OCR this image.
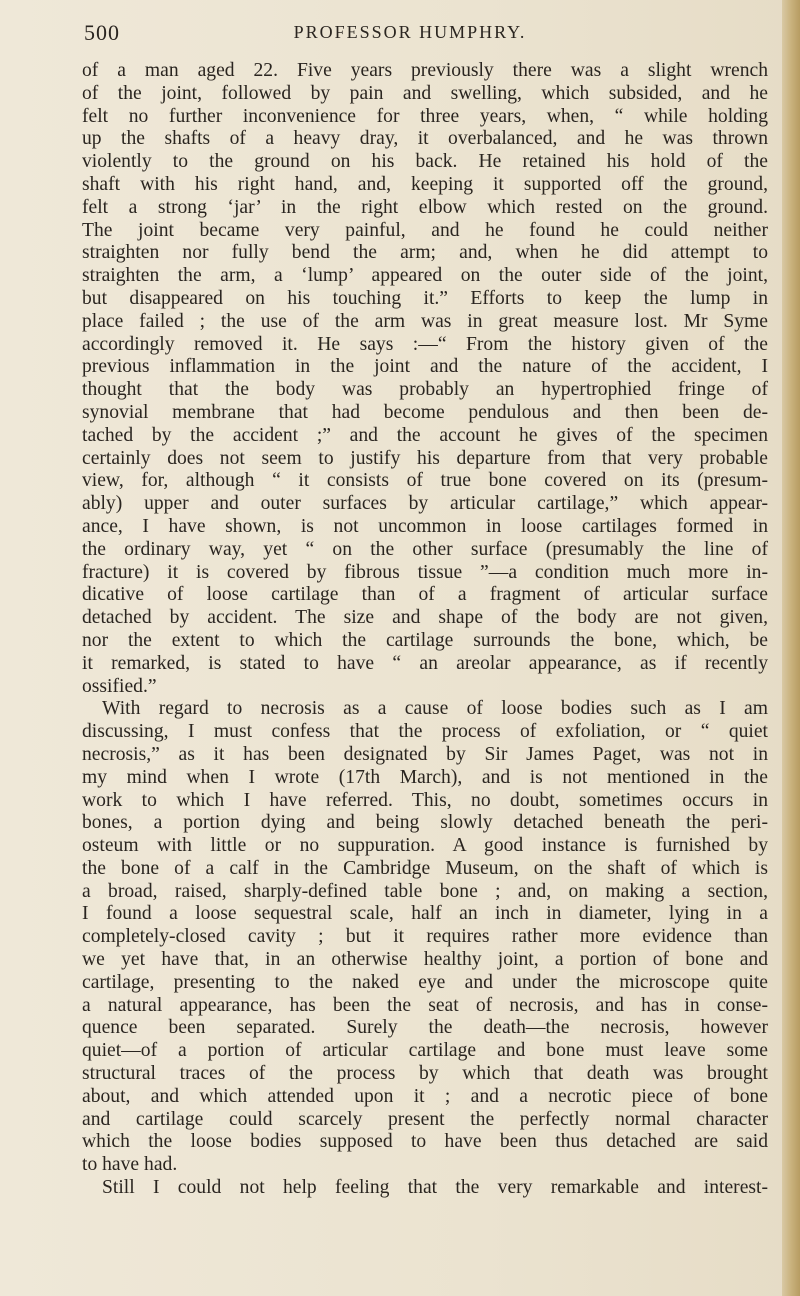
500	PROFESSOR HUMPHRY.
of a man aged 22. Five years previously there was a slight wrench
of the joint, followed by pain and swelling, which subsided, and he
felt no further inconvenience for three years, when, “ while holding
up the shafts of a heavy dray, it overbalanced, and he was thrown
violently to the ground on his back. He retained his hold of the
shaft with his right hand, and, keeping it supported off the ground,
felt a strong ‘jar’ in the right elbow which rested on the ground.
The joint became very painful, and he found he could neither
straighten nor fully bend the arm; and, when he did attempt to
straighten the arm, a ‘lump’ appeared on the outer side of the joint,
but disappeared on his touching it.” Efforts to keep the lump in
place failed ; the use of the arm was in great measure lost. Mr Syme
accordingly removed it. He says :—“ From the history given of the
previous inflammation in the joint and the nature of the accident, I
thought that the body was probably an hypertrophied fringe of
synovial membrane that had become pendulous and then been de-
tached by the accident ;” and the account he gives of the specimen
certainly does not seem to justify his departure from that very probable
view, for, although “ it consists of true bone covered on its (presum-
ably) upper and outer surfaces by articular cartilage,” which appear-
ance, I have shown, is not uncommon in loose cartilages formed in
the ordinary way, yet “ on the other surface (presumably the line of
fracture) it is covered by fibrous tissue ”—a condition much more in-
dicative of loose cartilage than of a fragment of articular surface
detached by accident. The size and shape of the body are not given,
nor the extent to which the cartilage surrounds the bone, which, be
it remarked, is stated to have “ an areolar appearance, as if recently
ossified.”
With regard to necrosis as a cause of loose bodies such as I am
discussing, I must confess that the process of exfoliation, or “ quiet
necrosis,” as it has been designated by Sir James Paget, was not in
my mind when I wrote (17th March), and is not mentioned in the
work to which I have referred. This, no doubt, sometimes occurs in
bones, a portion dying and being slowly detached beneath the peri-
osteum with little or no suppuration. A good instance is furnished by
the bone of a calf in the Cambridge Museum, on the shaft of which is
a broad, raised, sharply-defined table bone ; and, on making a section,
I found a loose sequestral scale, half an inch in diameter, lying in a
completely-closed cavity ; but it requires rather more evidence than
we yet have that, in an otherwise healthy joint, a portion of bone and
cartilage, presenting to the naked eye and under the microscope quite
a natural appearance, has been the seat of necrosis, and has in conse-
quence been separated. Surely the death—the necrosis, however
quiet—of a portion of articular cartilage and bone must leave some
structural traces of the process by which that death was brought
about, and which attended upon it ; and a necrotic piece of bone
and cartilage could scarcely present the perfectly normal character
which the loose bodies supposed to have been thus detached are said
to have had.
Still I could not help feeling that the very remarkable and interest-
